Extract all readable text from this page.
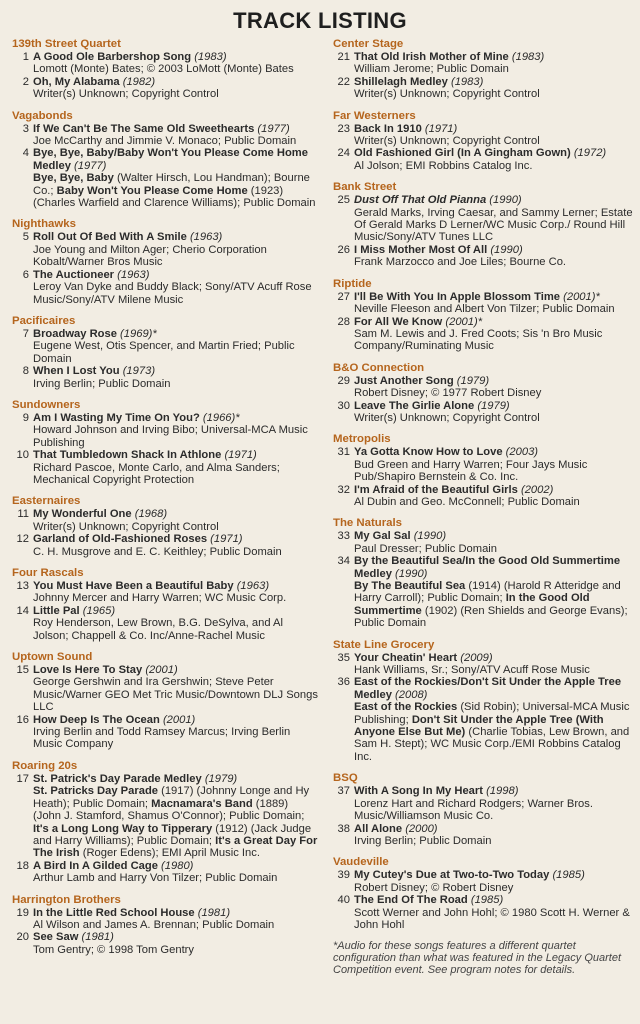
TRACK LISTING
139th Street Quartet
1 A Good Ole Barbershop Song (1983)
Lomott (Monte) Bates; © 2003 LoMott (Monte) Bates
2 Oh, My Alabama (1982)
Writer(s) Unknown; Copyright Control
Vagabonds
3 If We Can't Be The Same Old Sweethearts (1977)
Joe McCarthy and Jimmie V. Monaco; Public Domain
4 Bye, Bye, Baby/Baby Won't You Please Come Home Medley (1977)
Bye, Bye, Baby (Walter Hirsch, Lou Handman); Bourne Co.; Baby Won't You Please Come Home (1923) (Charles Warfield and Clarence Williams); Public Domain
Nighthawks
5 Roll Out Of Bed With A Smile (1963)
Joe Young and Milton Ager; Cherio Corporation Kobalt/Warner Bros Music
6 The Auctioneer (1963)
Leroy Van Dyke and Buddy Black; Sony/ATV Acuff Rose Music/Sony/ATV Milene Music
Pacificaires
7 Broadway Rose (1969)*
Eugene West, Otis Spencer, and Martin Fried; Public Domain
8 When I Lost You (1973)
Irving Berlin; Public Domain
Sundowners
9 Am I Wasting My Time On You? (1966)*
Howard Johnson and Irving Bibo; Universal-MCA Music Publishing
10 That Tumbledown Shack In Athlone (1971)
Richard Pascoe, Monte Carlo, and Alma Sanders; Mechanical Copyright Protection
Easternaires
11 My Wonderful One (1968)
Writer(s) Unknown; Copyright Control
12 Garland of Old-Fashioned Roses (1971)
C. H. Musgrove and E. C. Keithley; Public Domain
Four Rascals
13 You Must Have Been a Beautiful Baby (1963)
Johnny Mercer and Harry Warren; WC Music Corp.
14 Little Pal (1965)
Roy Henderson, Lew Brown, B.G. DeSylva, and Al Jolson; Chappell & Co. Inc/Anne-Rachel Music
Uptown Sound
15 Love Is Here To Stay (2001)
George Gershwin and Ira Gershwin; Steve Peter Music/Warner GEO Met Tric Music/Downtown DLJ Songs LLC
16 How Deep Is The Ocean (2001)
Irving Berlin and Todd Ramsey Marcus; Irving Berlin Music Company
Roaring 20s
17 St. Patrick's Day Parade Medley (1979)
St. Patricks Day Parade (1917) (Johnny Longe and Hy Heath); Public Domain; Macnamara's Band (1889) (John J. Stamford, Shamus O'Connor); Public Domain; It's a Long Long Way to Tipperary (1912) (Jack Judge and Harry Williams); Public Domain; It's a Great Day For The Irish (Roger Edens); EMI April Music Inc.
18 A Bird In A Gilded Cage (1980)
Arthur Lamb and Harry Von Tilzer; Public Domain
Harrington Brothers
19 In the Little Red School House (1981)
Al Wilson and James A. Brennan; Public Domain
20 See Saw (1981)
Tom Gentry; © 1998 Tom Gentry
Center Stage
21 That Old Irish Mother of Mine (1983)
William Jerome; Public Domain
22 Shillelagh Medley (1983)
Writer(s) Unknown; Copyright Control
Far Westerners
23 Back In 1910 (1971)
Writer(s) Unknown; Copyright Control
24 Old Fashioned Girl (In A Gingham Gown) (1972)
Al Jolson; EMI Robbins Catalog Inc.
Bank Street
25 Dust Off That Old Pianna (1990)
Gerald Marks, Irving Caesar, and Sammy Lerner; Estate Of Gerald Marks D Lerner/WC Music Corp./ Round Hill Music/Sony/ATV Tunes LLC
26 I Miss Mother Most Of All (1990)
Frank Marzocco and Joe Liles; Bourne Co.
Riptide
27 I'll Be With You In Apple Blossom Time (2001)*
Neville Fleeson and Albert Von Tilzer; Public Domain
28 For All We Know (2001)*
Sam M. Lewis and J. Fred Coots; Sis 'n Bro Music Company/Ruminating Music
B&O Connection
29 Just Another Song (1979)
Robert Disney; © 1977 Robert Disney
30 Leave The Girlie Alone (1979)
Writer(s) Unknown; Copyright Control
Metropolis
31 Ya Gotta Know How to Love (2003)
Bud Green and Harry Warren; Four Jays Music Pub/Shapiro Bernstein & Co. Inc.
32 I'm Afraid of the Beautiful Girls (2002)
Al Dubin and Geo. McConnell; Public Domain
The Naturals
33 My Gal Sal (1990)
Paul Dresser; Public Domain
34 By the Beautiful Sea/In the Good Old Summertime Medley (1990)
By The Beautiful Sea (1914) (Harold R Atteridge and Harry Carroll); Public Domain; In the Good Old Summertime (1902) (Ren Shields and George Evans); Public Domain
State Line Grocery
35 Your Cheatin' Heart (2009)
Hank Williams, Sr.; Sony/ATV Acuff Rose Music
36 East of the Rockies/Don't Sit Under the Apple Tree Medley (2008)
East of the Rockies (Sid Robin); Universal-MCA Music Publishing; Don't Sit Under the Apple Tree (With Anyone Else But Me) (Charlie Tobias, Lew Brown, and Sam H. Stept); WC Music Corp./EMI Robbins Catalog Inc.
BSQ
37 With A Song In My Heart (1998)
Lorenz Hart and Richard Rodgers; Warner Bros. Music/Williamson Music Co.
38 All Alone (2000)
Irving Berlin; Public Domain
Vaudeville
39 My Cutey's Due at Two-to-Two Today (1985)
Robert Disney; © Robert Disney
40 The End Of The Road (1985)
Scott Werner and John Hohl; © 1980 Scott H. Werner & John Hohl
*Audio for these songs features a different quartet configuration than what was featured in the Legacy Quartet Competition event. See program notes for details.
